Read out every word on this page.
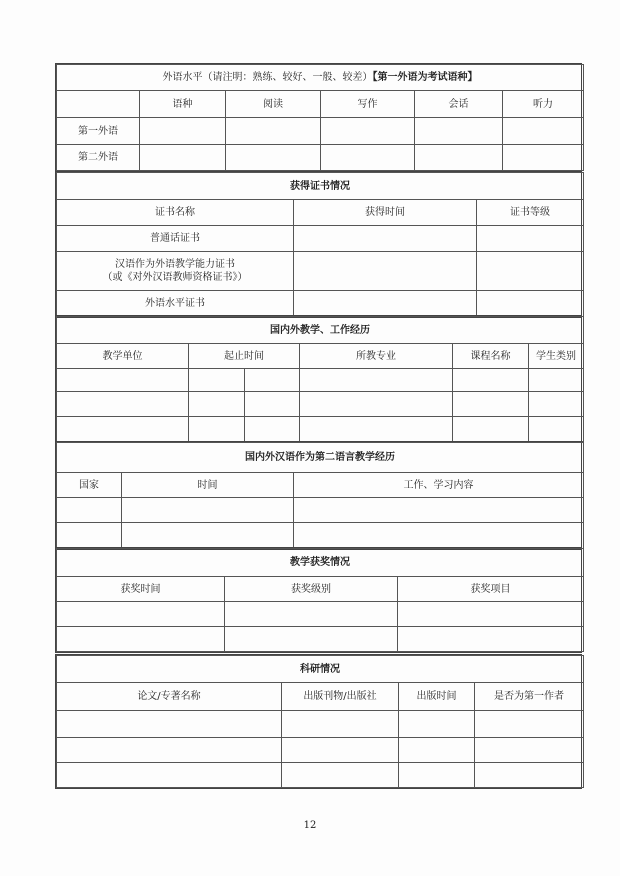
外语水平（请注明：熟练、较好、一般、较差）【第一外语为考试语种】					
	语种	阅读	写作	会话	听力
第一外语					
第二外语					
获得证书情况		
证书名称	获得时间	证书等级
普通话证书		

汉语作为外语教学能力证书
（或《对外汉语教师资格证书》）		

外语水平证书		
国内外教学、工作经历					
教学单位	起止时间		所教专业	课程名称	学生类别

国内外汉语作为第二语言教学经历		
国家	时间	工作、学习内容

教学获奖情况		
获奖时间	获奖级别	获奖项目

科研情况			
论文/专著名称	出版刊物/出版社	出版时间	是否为第一作者

12
